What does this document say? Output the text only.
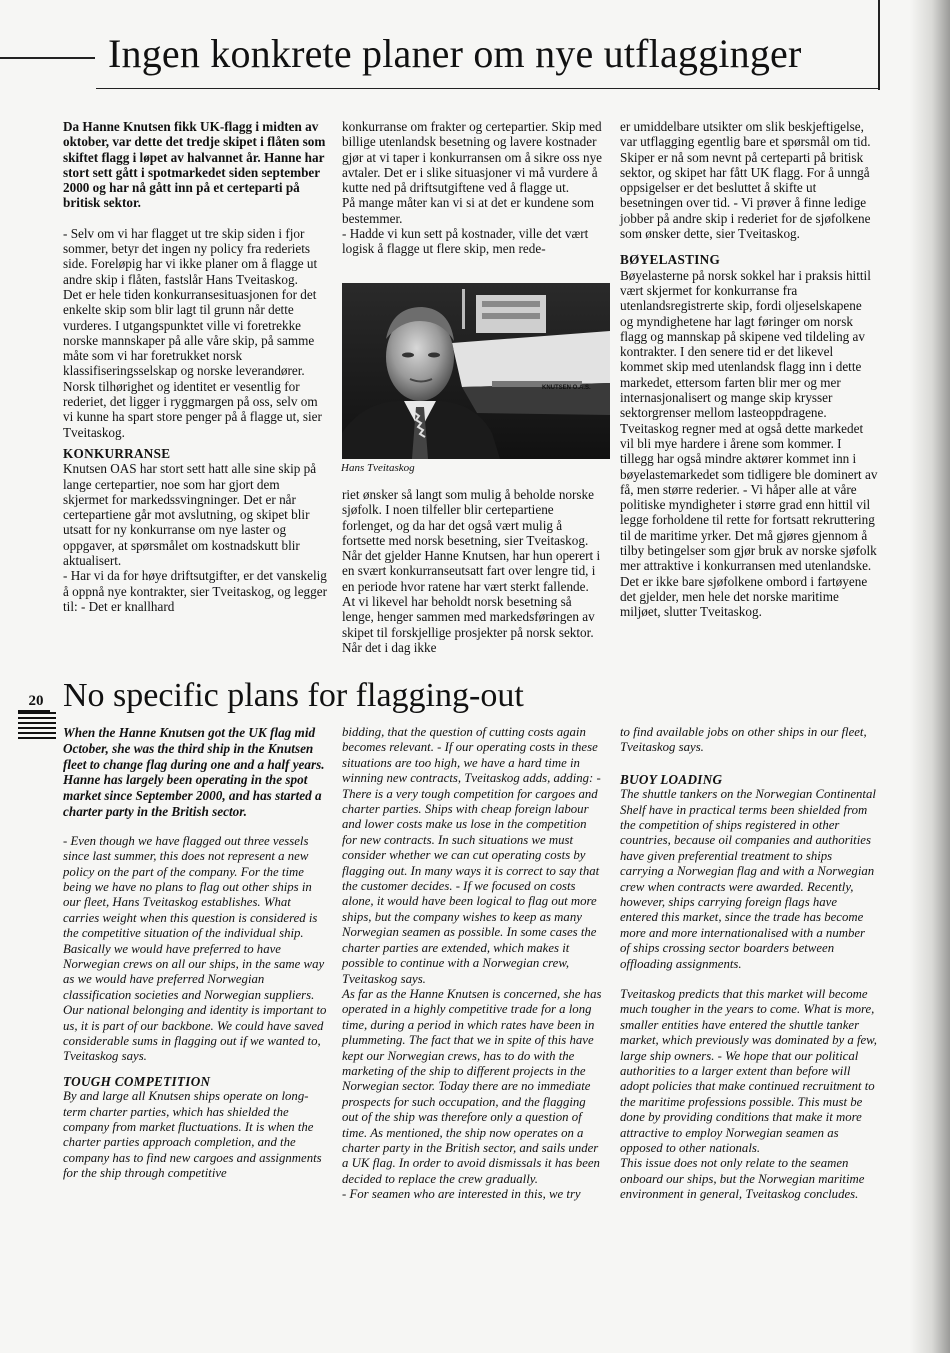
Ingen konkrete planer om nye utflagginger

Da Hanne Knutsen fikk UK-flagg i midten av oktober, var dette det tredje skipet i flåten som skiftet flagg i løpet av halvannet år. Hanne har stort sett gått i spotmarkedet siden september 2000 og har nå gått inn på et certeparti på britisk sektor.

- Selv om vi har flagget ut tre skip siden i fjor sommer, betyr det ingen ny policy fra rederiets side. Foreløpig har vi ikke planer om å flagge ut andre skip i flåten, fastslår Hans Tveitaskog.

Det er hele tiden konkurransesituasjonen for det enkelte skip som blir lagt til grunn når dette vurderes. I utgangspunktet ville vi foretrekke norske mannskaper på alle våre skip, på samme måte som vi har foretrukket norsk klassifiseringsselskap og norske leverandører. Norsk tilhørighet og identitet er vesentlig for rederiet, det ligger i ryggmargen på oss, selv om vi kunne ha spart store penger på å flagge ut, sier Tveitaskog.

KONKURRANSE

Knutsen OAS har stort sett hatt alle sine skip på lange certepartier, noe som har gjort dem skjermet for markedssvingninger. Det er når certepartiene går mot avslutning, og skipet blir utsatt for ny konkurranse om nye laster og oppgaver, at spørsmålet om kostnadskutt blir aktualisert.

- Har vi da for høye driftsutgifter, er det vanskelig å oppnå nye kontrakter, sier Tveitaskog, og legger til: - Det er knallhard

konkurranse om frakter og certepartier. Skip med billige utenlandsk besetning og lavere kostnader gjør at vi taper i konkurransen om å sikre oss nye avtaler. Det er i slike situasjoner vi må vurdere å kutte ned på driftsutgiftene ved å flagge ut.

På mange måter kan vi si at det er kundene som bestemmer.

- Hadde vi kun sett på kostnader, ville det vært logisk å flagge ut flere skip, men rede-

KNUTSEN O.A.S.
Hans Tveitaskog

riet ønsker så langt som mulig å beholde norske sjøfolk. I noen tilfeller blir certepartiene forlenget, og da har det også vært mulig å fortsette med norsk besetning, sier Tveitaskog. Når det gjelder Hanne Knutsen, har hun operert i en svært konkurranseutsatt fart over lengre tid, i en periode hvor ratene har vært sterkt fallende. At vi likevel har beholdt norsk besetning så lenge, henger sammen med markedsføringen av skipet til forskjellige prosjekter på norsk sektor. Når det i dag ikke

er umiddelbare utsikter om slik beskjeftigelse, var utflagging egentlig bare et spørsmål om tid. Skiper er nå som nevnt på certeparti på britisk sektor, og skipet har fått UK flagg. For å unngå oppsigelser er det besluttet å skifte ut besetningen over tid. - Vi prøver å finne ledige jobber på andre skip i rederiet for de sjøfolkene som ønsker dette, sier Tveitaskog.

BØYELASTING

Bøyelasterne på norsk sokkel har i praksis hittil vært skjermet for konkurranse fra utenlandsregistrerte skip, fordi oljeselskapene og myndighetene har lagt føringer om norsk flagg og mannskap på skipene ved tildeling av kontrakter. I den senere tid er det likevel kommet skip med utenlandsk flagg inn i dette markedet, ettersom farten blir mer og mer internasjonalisert og mange skip krysser sektorgrenser mellom lasteoppdragene. Tveitaskog regner med at også dette markedet vil bli mye hardere i årene som kommer. I tillegg har også mindre aktører kommet inn i bøyelastemarkedet som tidligere ble dominert av få, men større rederier. - Vi håper alle at våre politiske myndigheter i større grad enn hittil vil legge forholdene til rette for fortsatt rekruttering til de maritime yrker. Det må gjøres gjennom å tilby betingelser som gjør bruk av norske sjøfolk mer attraktive i konkurransen med utenlandske. Det er ikke bare sjøfolkene ombord i fartøyene det gjelder, men hele det norske maritime miljøet, slutter Tveitaskog.

20 No specific plans for flagging-out

When the Hanne Knutsen got the UK flag mid October, she was the third ship in the Knutsen fleet to change flag during one and a half years. Hanne has largely been operating in the spot market since September 2000, and has started a charter party in the British sector.

- Even though we have flagged out three vessels since last summer, this does not represent a new policy on the part of the company. For the time being we have no plans to flag out other ships in our fleet, Hans Tveitaskog establishes. What carries weight when this question is considered is the competitive situation of the individual ship. Basically we would have preferred to have Norwegian crews on all our ships, in the same way as we would have preferred Norwegian classification societies and Norwegian suppliers. Our national belonging and identity is important to us, it is part of our backbone. We could have saved considerable sums in flagging out if we wanted to, Tveitaskog says.

TOUGH COMPETITION

By and large all Knutsen ships operate on long-term charter parties, which has shielded the company from market fluctuations. It is when the charter parties approach completion, and the company has to find new cargoes and assignments for the ship through competitive

bidding, that the question of cutting costs again becomes relevant. - If our operating costs in these situations are too high, we have a hard time in winning new contracts, Tveitaskog adds, adding: - There is a very tough competition for cargoes and charter parties. Ships with cheap foreign labour and lower costs make us lose in the competition for new contracts. In such situations we must consider whether we can cut operating costs by flagging out. In many ways it is correct to say that the customer decides. - If we focused on costs alone, it would have been logical to flag out more ships, but the company wishes to keep as many Norwegian seamen as possible. In some cases the charter parties are extended, which makes it possible to continue with a Norwegian crew, Tveitaskog says.

As far as the Hanne Knutsen is concerned, she has operated in a highly competitive trade for a long time, during a period in which rates have been in plummeting. The fact that we in spite of this have kept our Norwegian crews, has to do with the marketing of the ship to different projects in the Norwegian sector. Today there are no immediate prospects for such occupation, and the flagging out of the ship was therefore only a question of time. As mentioned, the ship now operates on a charter party in the British sector, and sails under a UK flag. In order to avoid dismissals it has been decided to replace the crew gradually.

- For seamen who are interested in this, we try

to find available jobs on other ships in our fleet, Tveitaskog says.

BUOY LOADING

The shuttle tankers on the Norwegian Continental Shelf have in practical terms been shielded from the competition of ships registered in other countries, because oil companies and authorities have given preferential treatment to ships carrying a Norwegian flag and with a Norwegian crew when contracts were awarded. Recently, however, ships carrying foreign flags have entered this market, since the trade has become more and more internationalised with a number of ships crossing sector boarders between offloading assignments.

Tveitaskog predicts that this market will become much tougher in the years to come. What is more, smaller entities have entered the shuttle tanker market, which previously was dominated by a few, large ship owners. - We hope that our political authorities to a larger extent than before will adopt policies that make continued recruitment to the maritime professions possible. This must be done by providing conditions that make it more attractive to employ Norwegian seamen as opposed to other nationals.

This issue does not only relate to the seamen onboard our ships, but the Norwegian maritime environment in general, Tveitaskog concludes.
